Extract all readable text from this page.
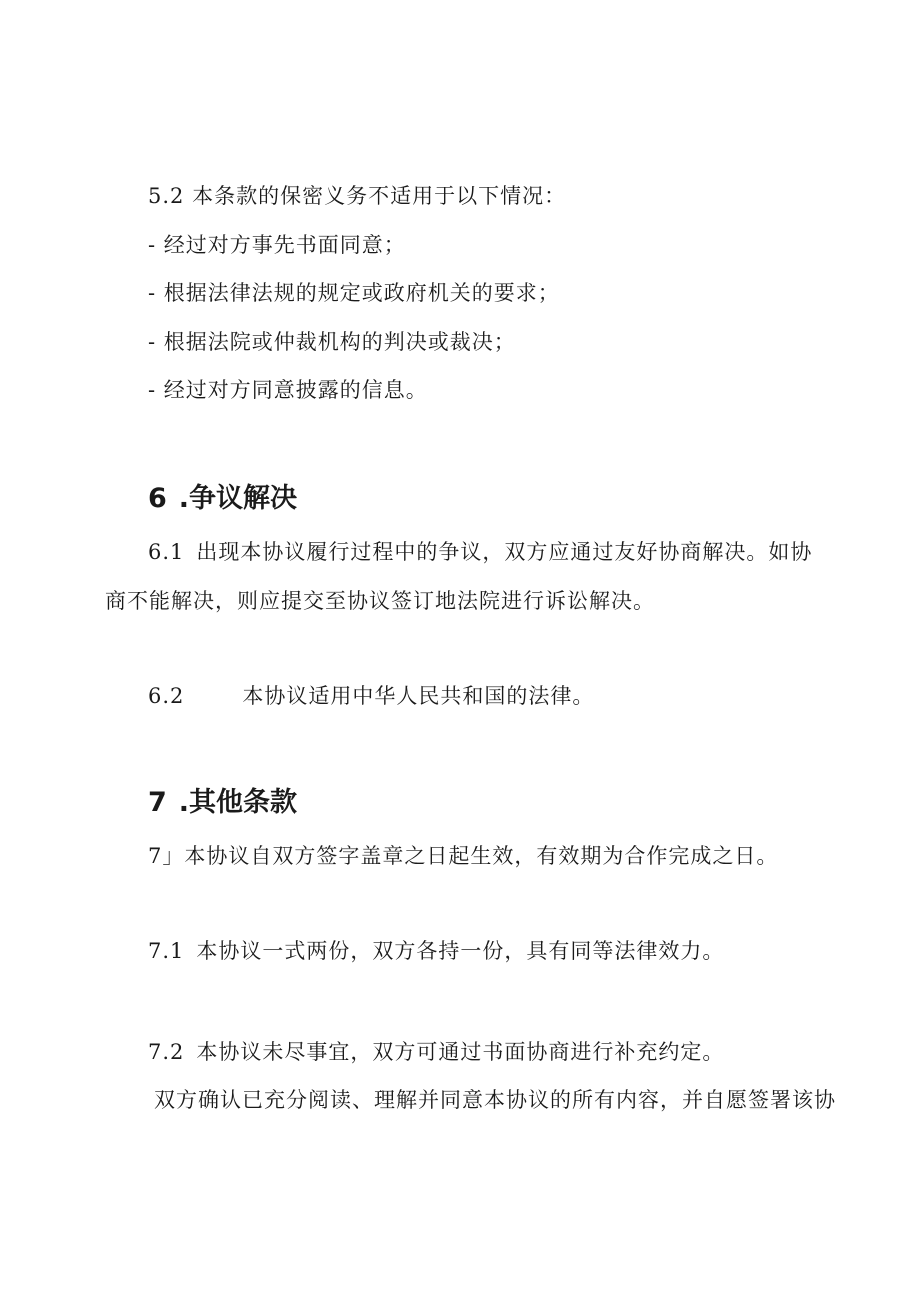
5.2 本条款的保密义务不适用于以下情况：
- 经过对方事先书面同意；
- 根据法律法规的规定或政府机关的要求；
- 根据法院或仲裁机构的判决或裁决；
- 经过对方同意披露的信息。
6 .争议解决
6.1 出现本协议履行过程中的争议，双方应通过友好协商解决。如协
商不能解决，则应提交至协议签订地法院进行诉讼解决。
6.2	本协议适用中华人民共和国的法律。
7 .其他条款
7」本协议自双方签字盖章之日起生效，有效期为合作完成之日。
7.1 本协议一式两份，双方各持一份，具有同等法律效力。
7.2 本协议未尽事宜，双方可通过书面协商进行补充约定。
双方确认已充分阅读、理解并同意本协议的所有内容，并自愿签署该协
